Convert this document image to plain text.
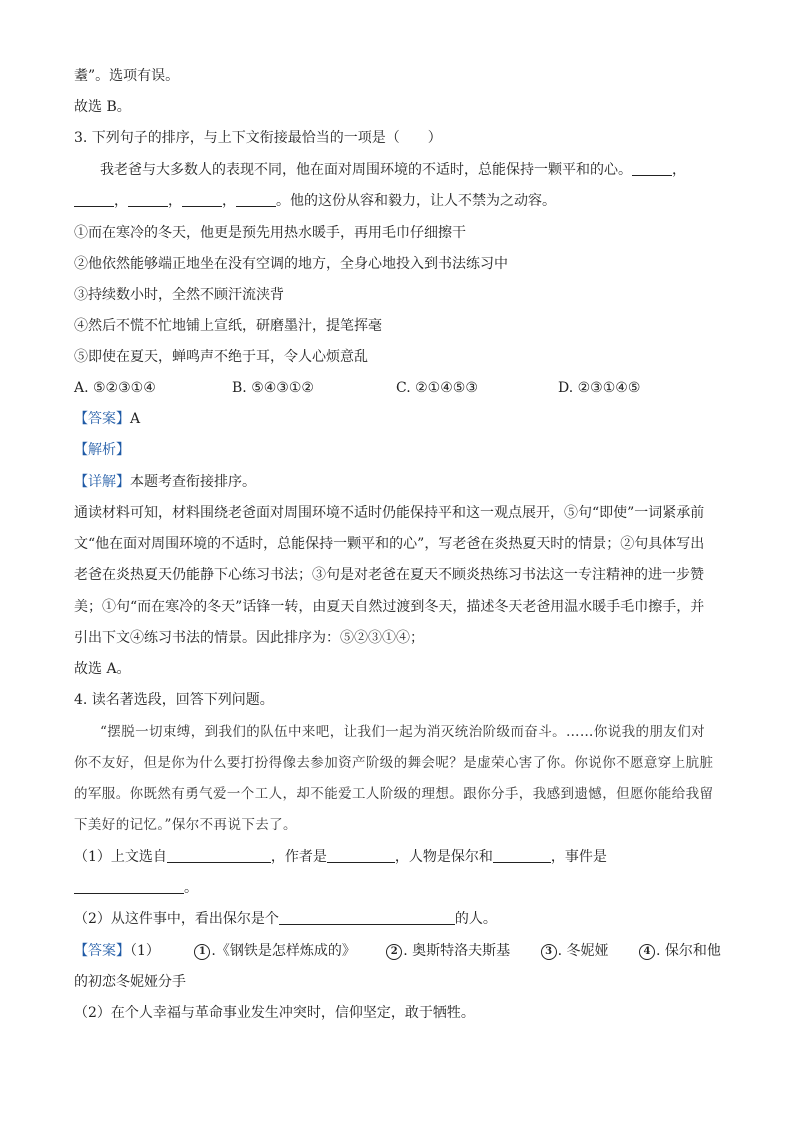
耋”。选项有误。
故选 B。
3. 下列句子的排序，与上下文衔接最恰当的一项是（　　）
我老爸与大多数人的表现不同，他在面对周围环境的不适时，总能保持一颗平和的心。	，
，	，	，	。他的这份从容和毅力，让人不禁为之动容。
①而在寒冷的冬天，他更是预先用热水暖手，再用毛巾仔细擦干
②他依然能够端正地坐在没有空调的地方，全身心地投入到书法练习中
③持续数小时，全然不顾汗流浃背
④然后不慌不忙地铺上宣纸，研磨墨汁，提笔挥毫
⑤即使在夏天，蝉鸣声不绝于耳，令人心烦意乱
A. ⑤②③①④	B. ⑤④③①②	C. ②①④⑤③	D. ②③①④⑤
【答案】A
【解析】
【详解】本题考查衔接排序。
通读材料可知，材料围绕老爸面对周围环境不适时仍能保持平和这一观点展开，⑤句“即使”一词紧承前
文“他在面对周围环境的不适时，总能保持一颗平和的心”，写老爸在炎热夏天时的情景；②句具体写出
老爸在炎热夏天仍能静下心练习书法；③句是对老爸在夏天不顾炎热练习书法这一专注精神的进一步赞
美；①句“而在寒冷的冬天”话锋一转，由夏天自然过渡到冬天，描述冬天老爸用温水暖手毛巾擦手，并
引出下文④练习书法的情景。因此排序为：⑤②③①④；
故选 A。
4. 读名著选段，回答下列问题。
“摆脱一切束缚，到我们的队伍中来吧，让我们一起为消灭统治阶级而奋斗。……你说我的朋友们对
你不友好，但是你为什么要打扮得像去参加资产阶级的舞会呢？是虚荣心害了你。你说你不愿意穿上肮脏
的军服。你既然有勇气爱一个工人，却不能爱工人阶级的理想。跟你分手，我感到遗憾，但愿你能给我留
下美好的记忆。”保尔不再说下去了。
（1）上文选自	，作者是	，人物是保尔和	，事件是
。
（2）从这件事中，看出保尔是个	的人。
【答案】（1）	1 .《钢铁是怎样炼成的》	2 . 奥斯特洛夫斯基	3 . 冬妮娅	4 . 保尔和他
的初恋冬妮娅分手
（2）在个人幸福与革命事业发生冲突时，信仰坚定，敢于牺牲。
